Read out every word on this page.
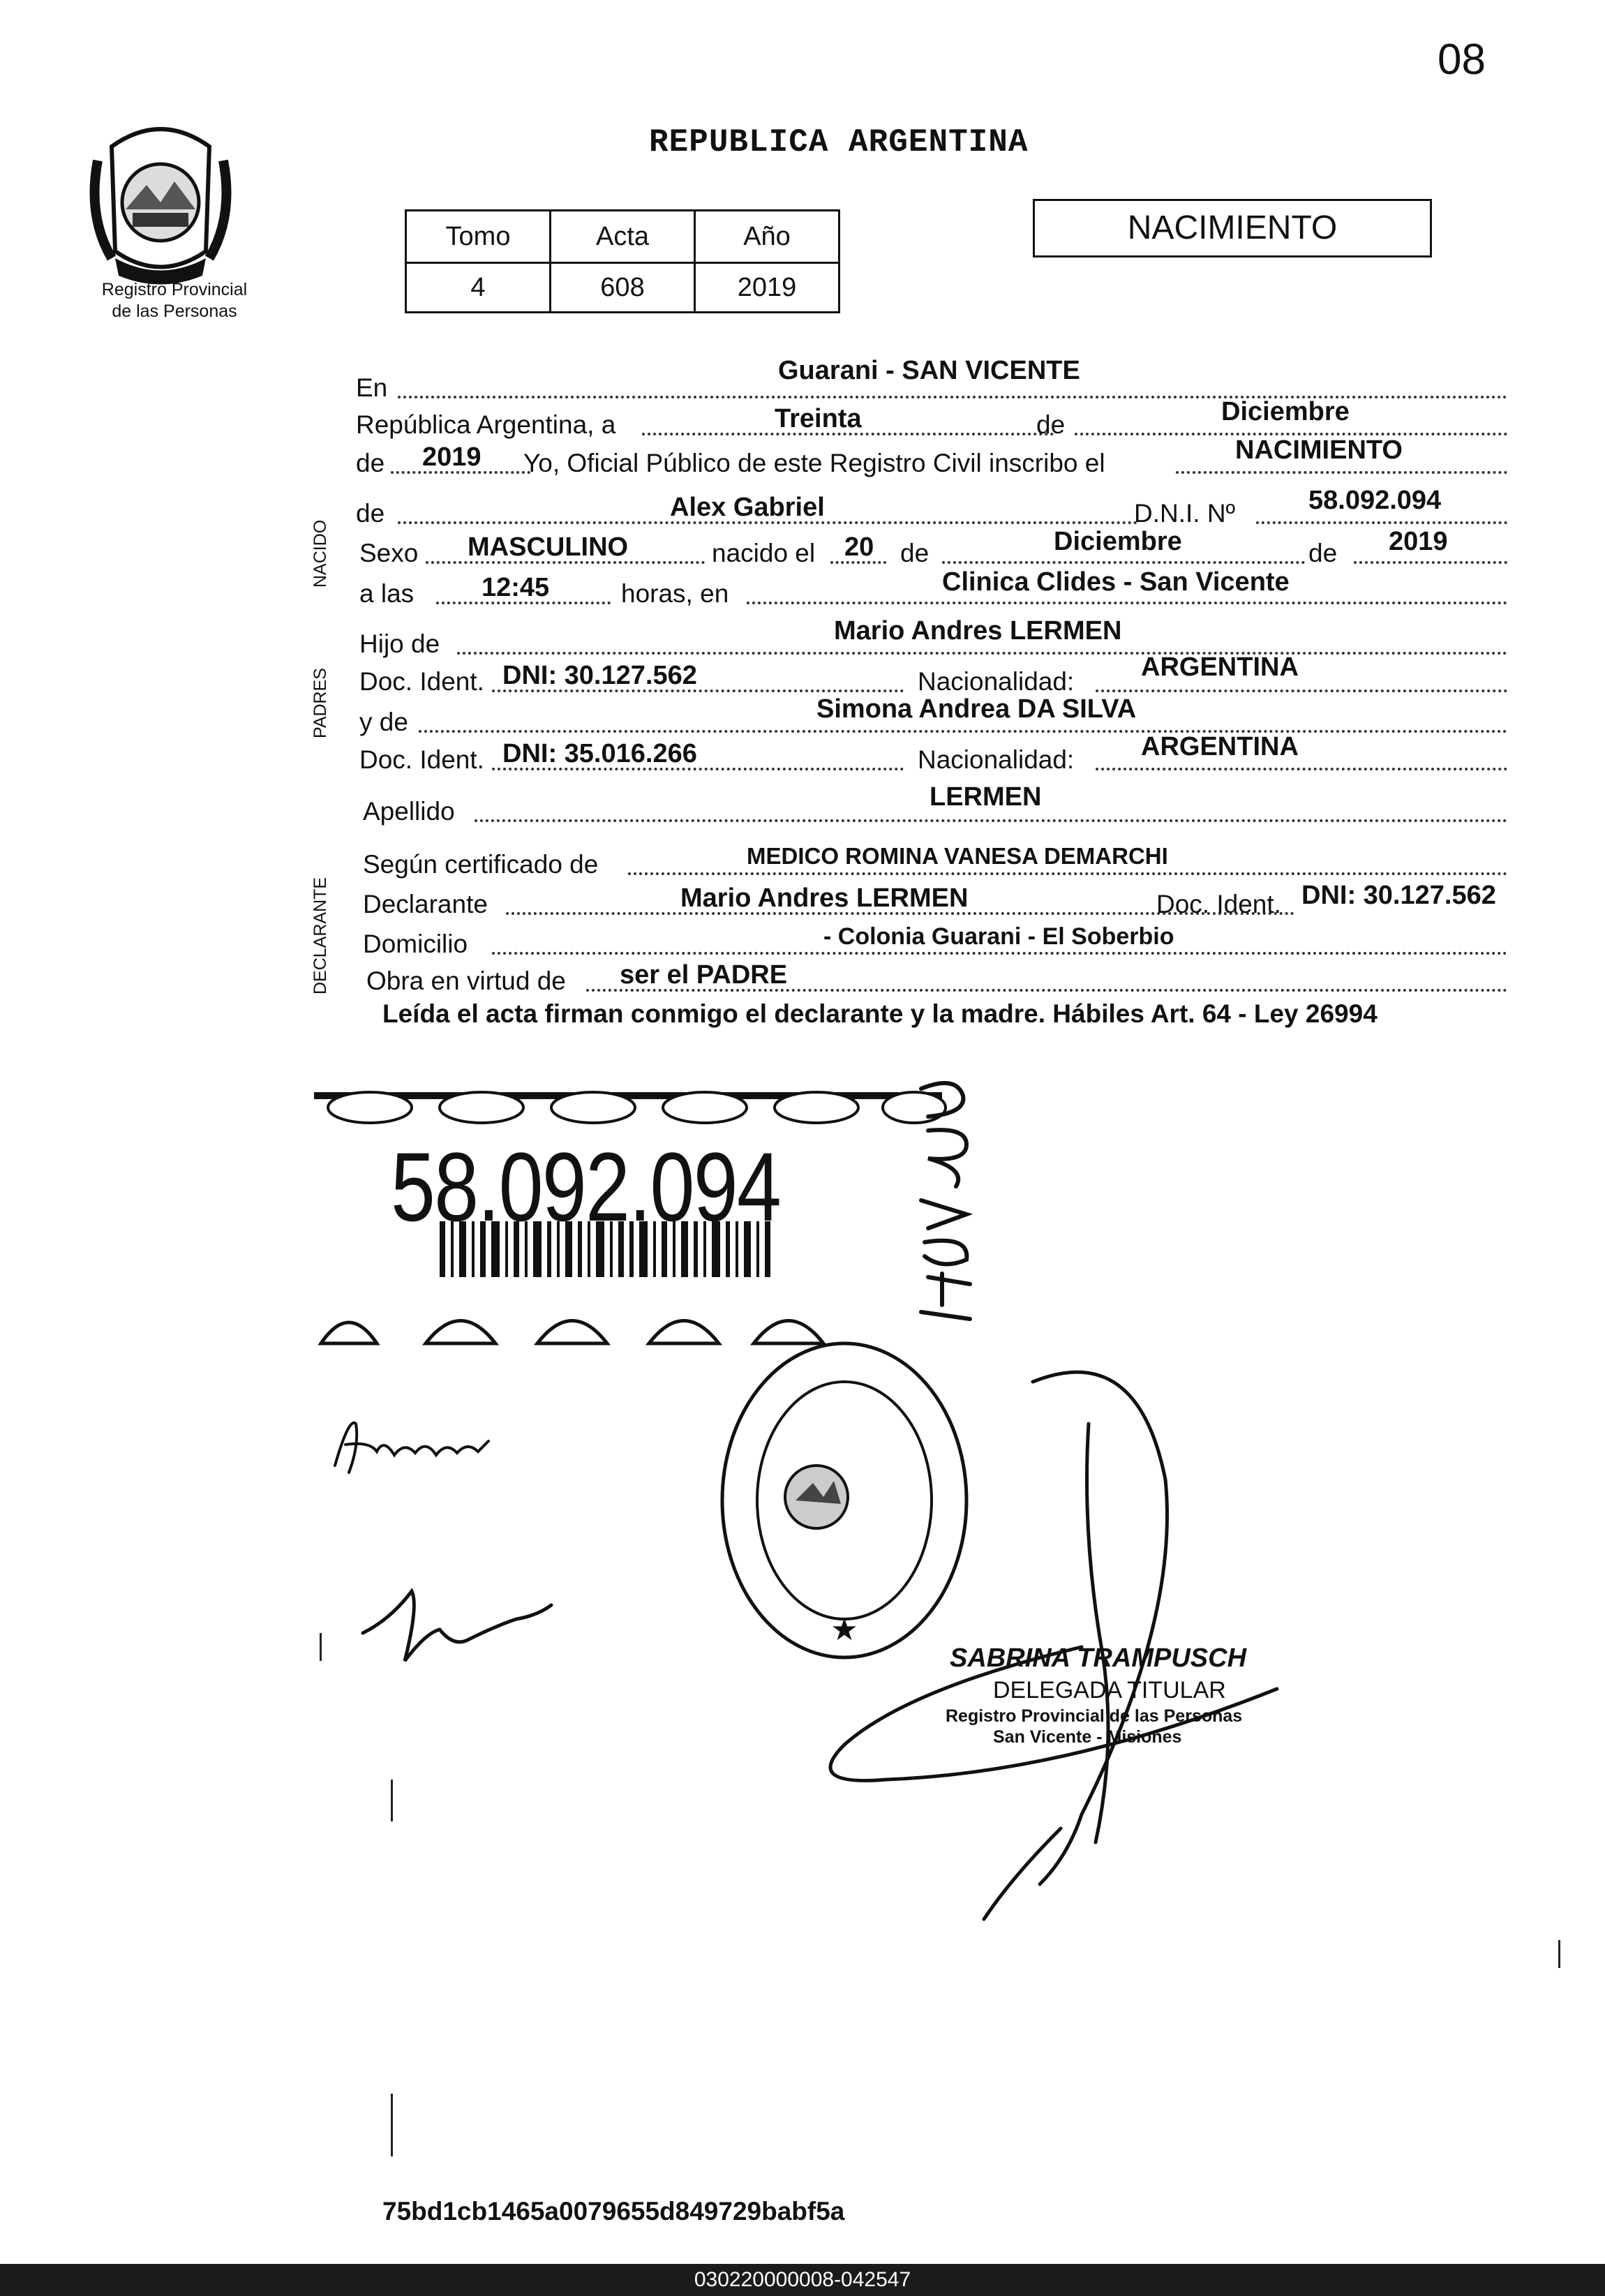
08
Registro Provincial
de las Personas
REPUBLICA ARGENTINA
Tomo	Acta	Año
4	608	2019
NACIMIENTO
NACIDO
PADRES
DECLARANTE
En
Guarani - SAN VICENTE
República Argentina, a	Treinta	de	Diciembre
de 2019 Yo, Oficial Público de este Registro Civil inscribo el	NACIMIENTO
de	Alex Gabriel	D.N.I. Nº	58.092.094
Sexo MASCULINO	nacido el 20 de	Diciembre	de 2019
a las	12:45	horas, en	Clinica Clides - San Vicente
Hijo de	Mario Andres LERMEN
Doc. Ident. DNI: 30.127.562	Nacionalidad:	ARGENTINA
y de	Simona Andrea DA SILVA
Doc. Ident. DNI: 35.016.266	Nacionalidad:	ARGENTINA
Apellido	LERMEN
Según certificado de	MEDICO ROMINA VANESA DEMARCHI
Declarante	Mario Andres LERMEN	Doc. Ident. DNI: 30.127.562
Domicilio	- Colonia Guarani - El Soberbio
Obra en virtud de ser el PADRE
Leída el acta firman conmigo el declarante y la madre. Hábiles Art. 64 - Ley 26994
58.092.094
★
SABRINA TRAMPUSCH
DELEGADA TITULAR
Registro Provincial de las Personas
San Vicente - Misiones
75bd1cb1465a0079655d849729babf5a
030220000008-042547
